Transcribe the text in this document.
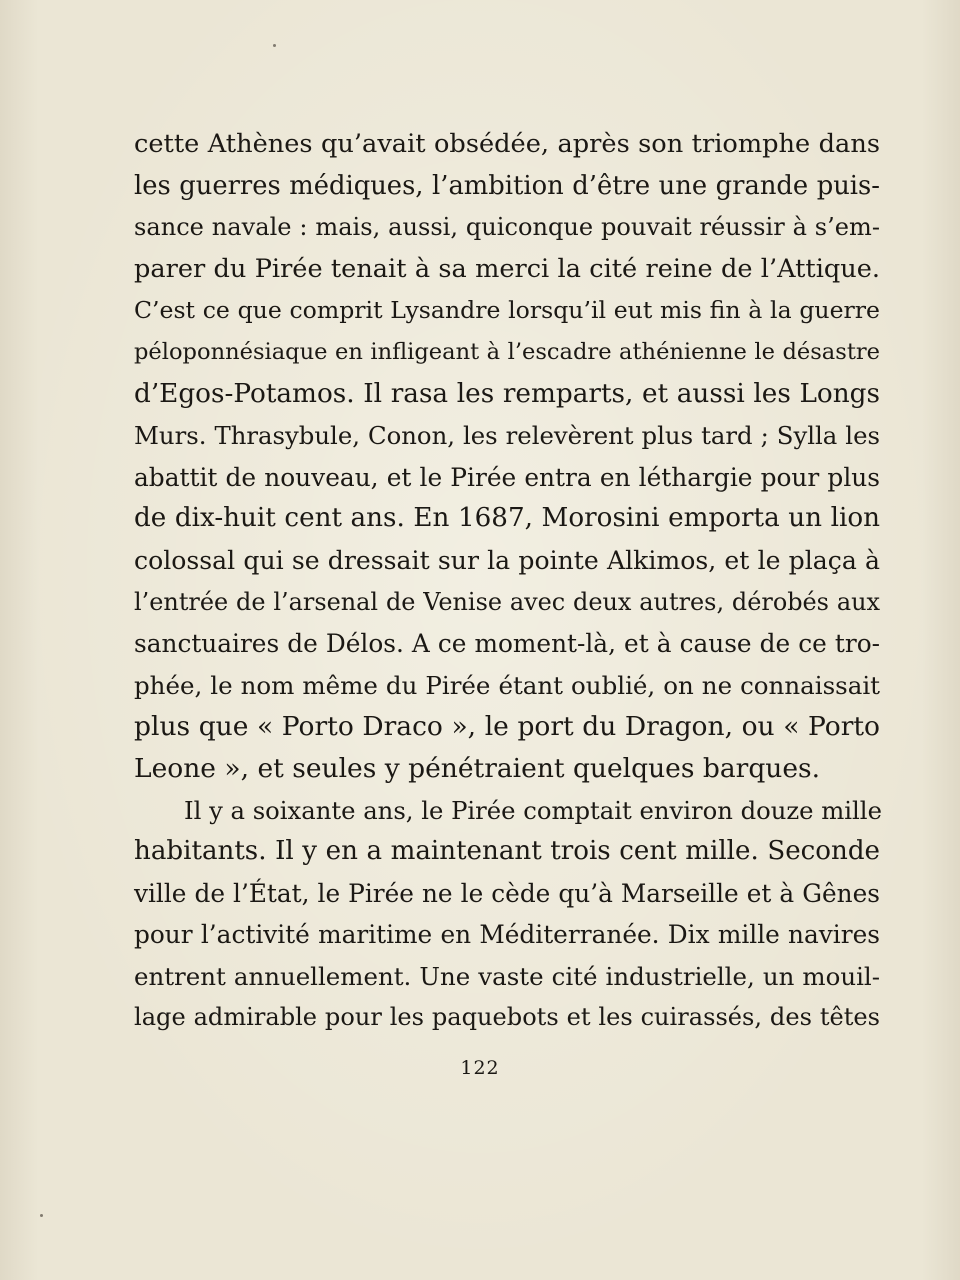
cette Athènes qu’avait obsédée, après son triomphe dans
les guerres médiques, l’ambition d’être une grande puis-
sance navale : mais, aussi, quiconque pouvait réussir à s’em-
parer du Pirée tenait à sa merci la cité reine de l’Attique.
C’est ce que comprit Lysandre lorsqu’il eut mis fin à la guerre
péloponnésiaque en infligeant à l’escadre athénienne le désastre
d’Egos-Potamos. Il rasa les remparts, et aussi les Longs
Murs. Thrasybule, Conon, les relevèrent plus tard ; Sylla les
abattit de nouveau, et le Pirée entra en léthargie pour plus
de dix-huit cent ans. En 1687, Morosini emporta un lion
colossal qui se dressait sur la pointe Alkimos, et le plaça à
l’entrée de l’arsenal de Venise avec deux autres, dérobés aux
sanctuaires de Délos. A ce moment-là, et à cause de ce tro-
phée, le nom même du Pirée étant oublié, on ne connaissait
plus que « Porto Draco », le port du Dragon, ou « Porto
Leone », et seules y pénétraient quelques barques.
Il y a soixante ans, le Pirée comptait environ douze mille
habitants. Il y en a maintenant trois cent mille. Seconde
ville de l’État, le Pirée ne le cède qu’à Marseille et à Gênes
pour l’activité maritime en Méditerranée. Dix mille navires
entrent annuellement. Une vaste cité industrielle, un mouil-
lage admirable pour les paquebots et les cuirassés, des têtes
122
